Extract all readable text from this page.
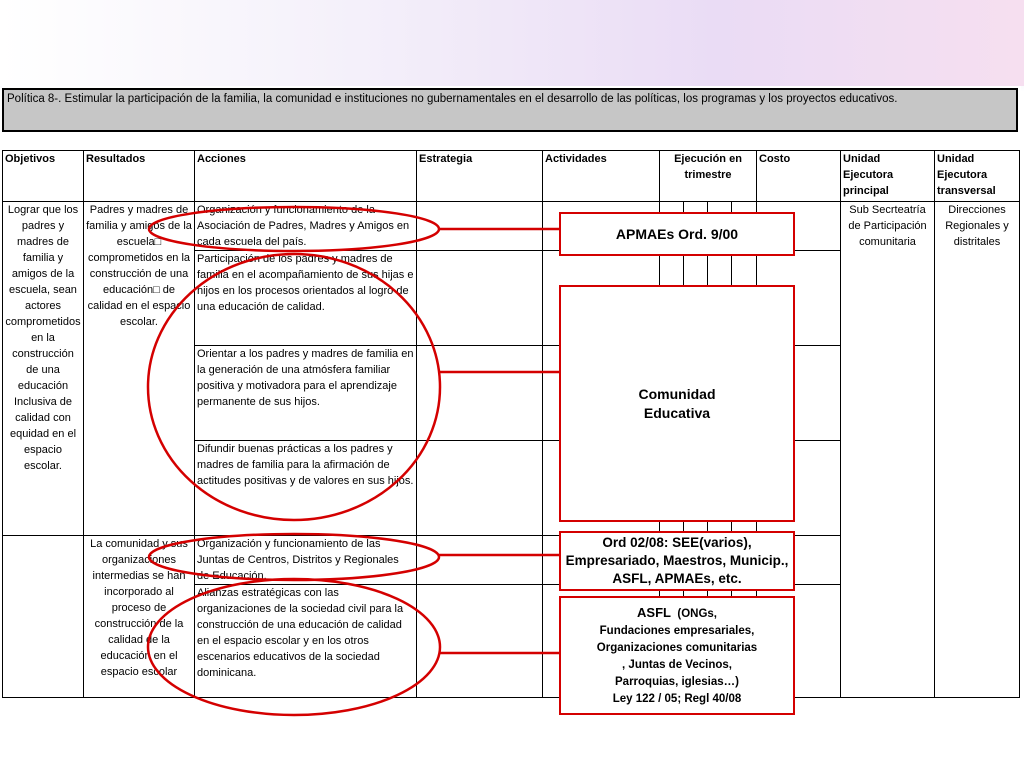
Política 8-. Estimular la participación de la familia, la comunidad e instituciones no gubernamentales en el desarrollo de las políticas, los programas y los proyectos educativos.
Objetivos	Resultados	Acciones	Estrategia	Actividades	Ejecución en trimestre				Costo	Unidad Ejecutora principal	Unidad Ejecutora transversal
Lograr que los padres y madres de familia y amigos de la escuela, sean actores comprometidos en la construcción de una educación Inclusiva de calidad con equidad en el espacio escolar.	Padres y madres de familia y amigos de la escuela□ comprometidos en la construcción de una educación□ de calidad en el espacio escolar.	Organización y funcionamiento de la Asociación de Padres, Madres y Amigos en cada escuela del país.								Sub Secrteatría de Participación comunitaria	Direcciones Regionales y distritales
		Participación de los padres y madres de familia en el acompañamiento de sus hijas e hijos en los procesos orientados al logro de una educación de calidad.									
		Orientar a los padres y madres de familia en la generación de una atmósfera familiar positiva y motivadora para el aprendizaje permanente de sus hijos.									
		Difundir buenas prácticas a los padres y madres de familia para la afirmación de actitudes positivas y de valores en sus hijos.									
	La comunidad y sus organizaciones intermedias se han incorporado al proceso de construcción de la calidad de la educación en el espacio escolar	Organización y funcionamiento de las Juntas de Centros, Distritos y Regionales de Educación.									
		Alianzas estratégicas con las organizaciones de la sociedad civil para la construcción de una educación de calidad en el espacio escolar y en los otros escenarios educativos de la sociedad dominicana.									
APMAEs Ord. 9/00
Comunidad
Educativa
Ord 02/08: SEE(varios), Empresariado, Maestros, Municip., ASFL, APMAEs, etc.
ASFL (ONGs,
Fundaciones empresariales,
Organizaciones comunitarias
, Juntas de Vecinos,
Parroquias, iglesias…)
Ley 122 / 05; Regl 40/08
